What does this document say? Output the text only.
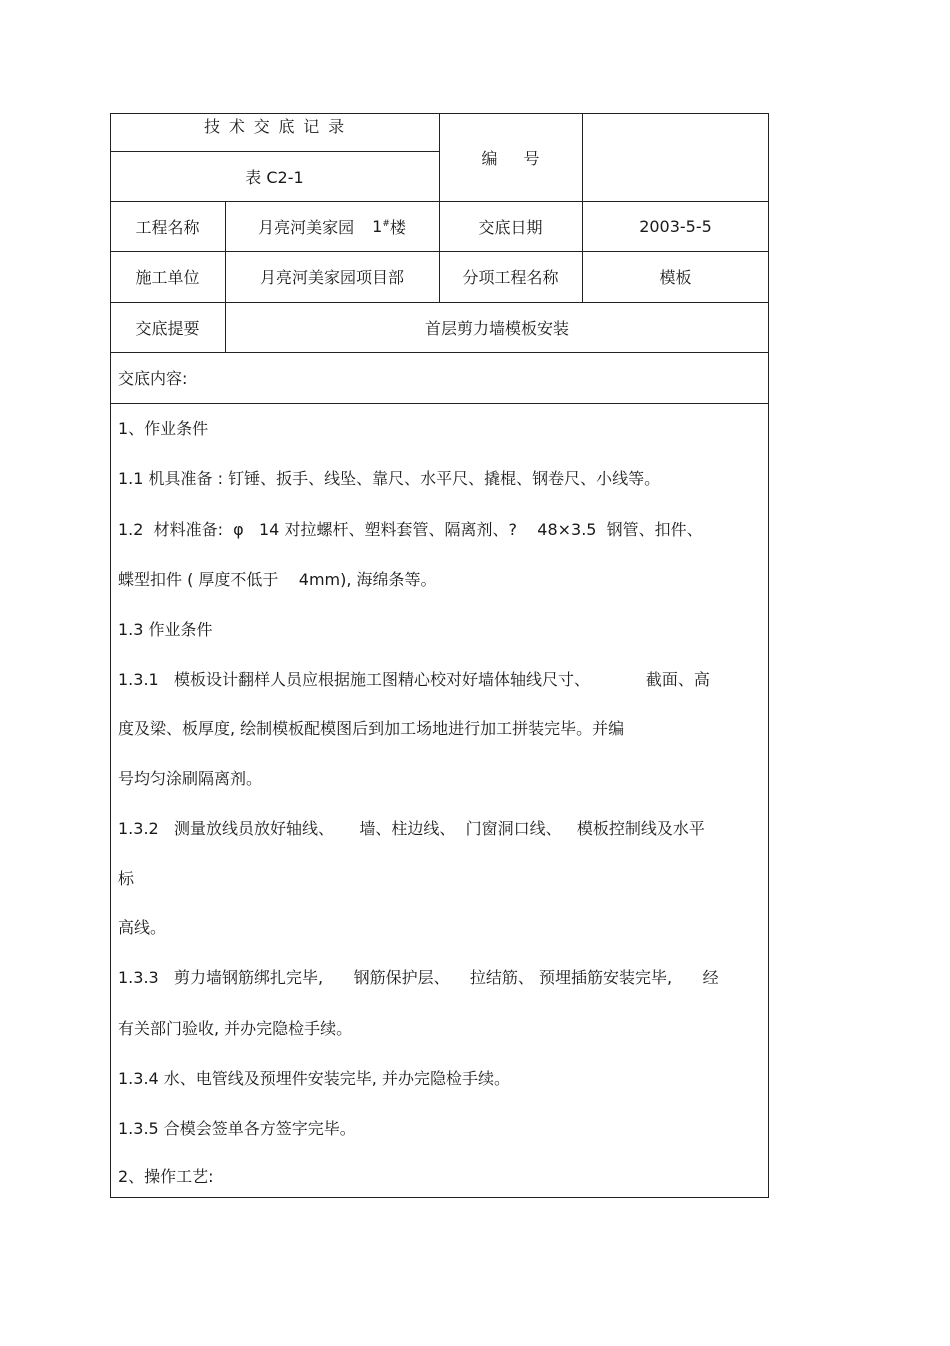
技术交底记录
表 C2-1
编 号
工程名称	月亮河美家园 1# 楼	交底日期	2003-5-5
施工单位	月亮河美家园项目部	分项工程名称	模板
交底提要	首层剪力墙模板安装
交底内容:
1、作业条件
1.1 机具准备 : 钉锤、扳手、线坠、靠尺、水平尺、撬棍、钢卷尺、小线等。
1.2  材料准备:  φ   14 对拉螺杆、塑料套管、隔离剂、?    48×3.5  钢管、扣件、
蝶型扣件 ( 厚度不低于    4mm), 海绵条等。
1.3 作业条件
1.3.1   模板设计翻样人员应根据施工图精心校对好墙体轴线尺寸、           截面、高
度及梁、板厚度, 绘制模板配模图后到加工场地进行加工拼装完毕。并编
号均匀涂刷隔离剂。
1.3.2   测量放线员放好轴线、     墙、柱边线、  门窗洞口线、   模板控制线及水平
标
高线。
1.3.3   剪力墙钢筋绑扎完毕,      钢筋保护层、    拉结筋、 预埋插筋安装完毕,      经
有关部门验收, 并办完隐检手续。
1.3.4 水、电管线及预埋件安装完毕, 并办完隐检手续。
1.3.5 合模会签单各方签字完毕。
2、操作工艺:
